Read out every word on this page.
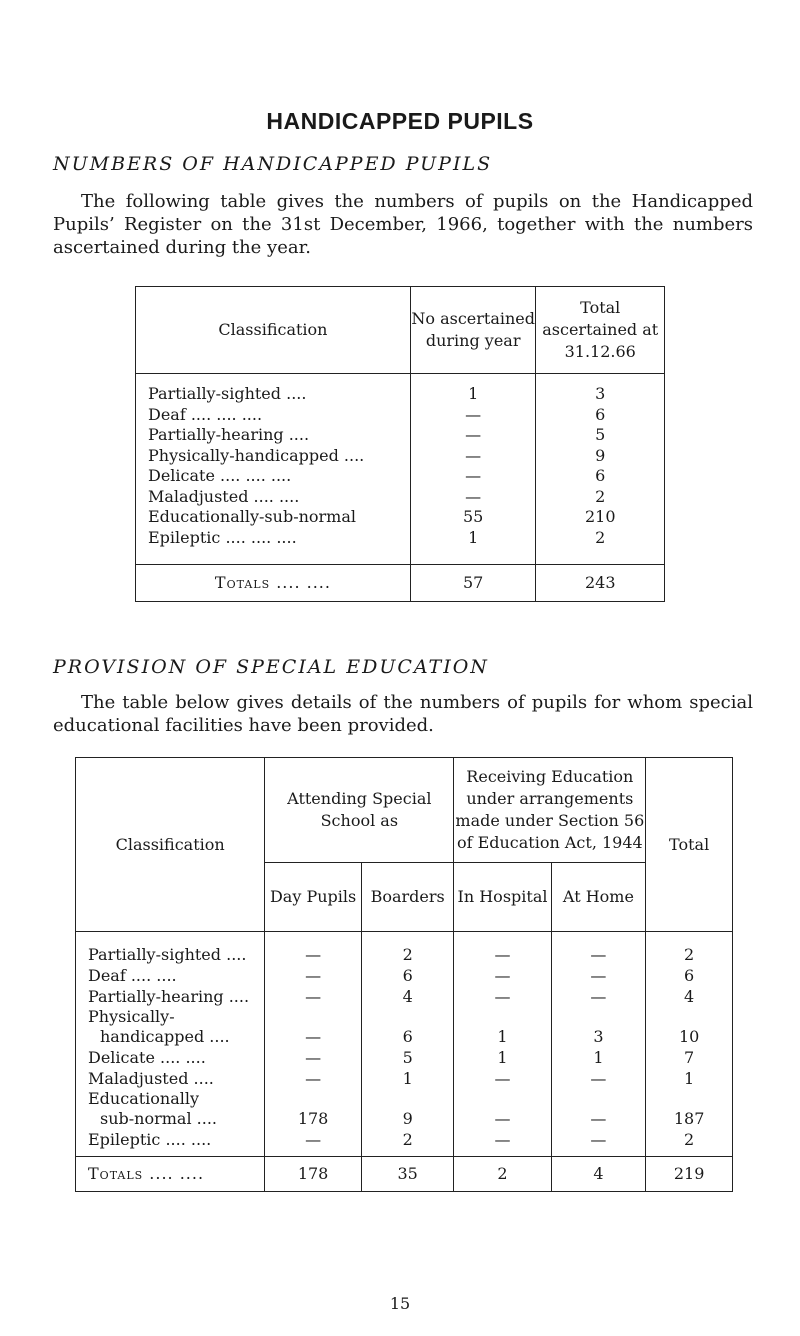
HANDICAPPED PUPILS
NUMBERS OF HANDICAPPED PUPILS
The following table gives the numbers of pupils on the Handicapped Pupils’ Register on the 31st December, 1966, together with the numbers ascertained during the year.
Classification	No ascertained during year	Total ascertained at 31.12.66
Partially-sighted ....	1	3
Deaf .... .... ....	—	6
Partially-hearing ....	—	5
Physically-handicapped ....	—	9
Delicate .... .... ....	—	6
Maladjusted .... ....	—	2
Educationally-sub-normal	55	210
Epileptic .... .... ....	1	2
Totals .... ....	57	243
PROVISION OF SPECIAL EDUCATION
The table below gives details of the numbers of pupils for whom special educational facilities have been provided.
Classification	Attending Special School as		Receiving Education under arrangements made under Section 56 of Education Act, 1944		Total
	Day Pupils	Boarders	In Hospital	At Home	
Partially-sighted ....	—	2	—	—	2
Deaf .... ....	—	6	—	—	6
Partially-hearing ....	—	4	—	—	4

Physically-
handicapped ....	—	6	1	3	10
Delicate .... ....	—	5	1	1	7
Maladjusted ....	—	1	—	—	1

Educationally
sub-normal ....	178	9	—	—	187
Epileptic .... ....	—	2	—	—	2
Totals .... ....	178	35	2	4	219
15
